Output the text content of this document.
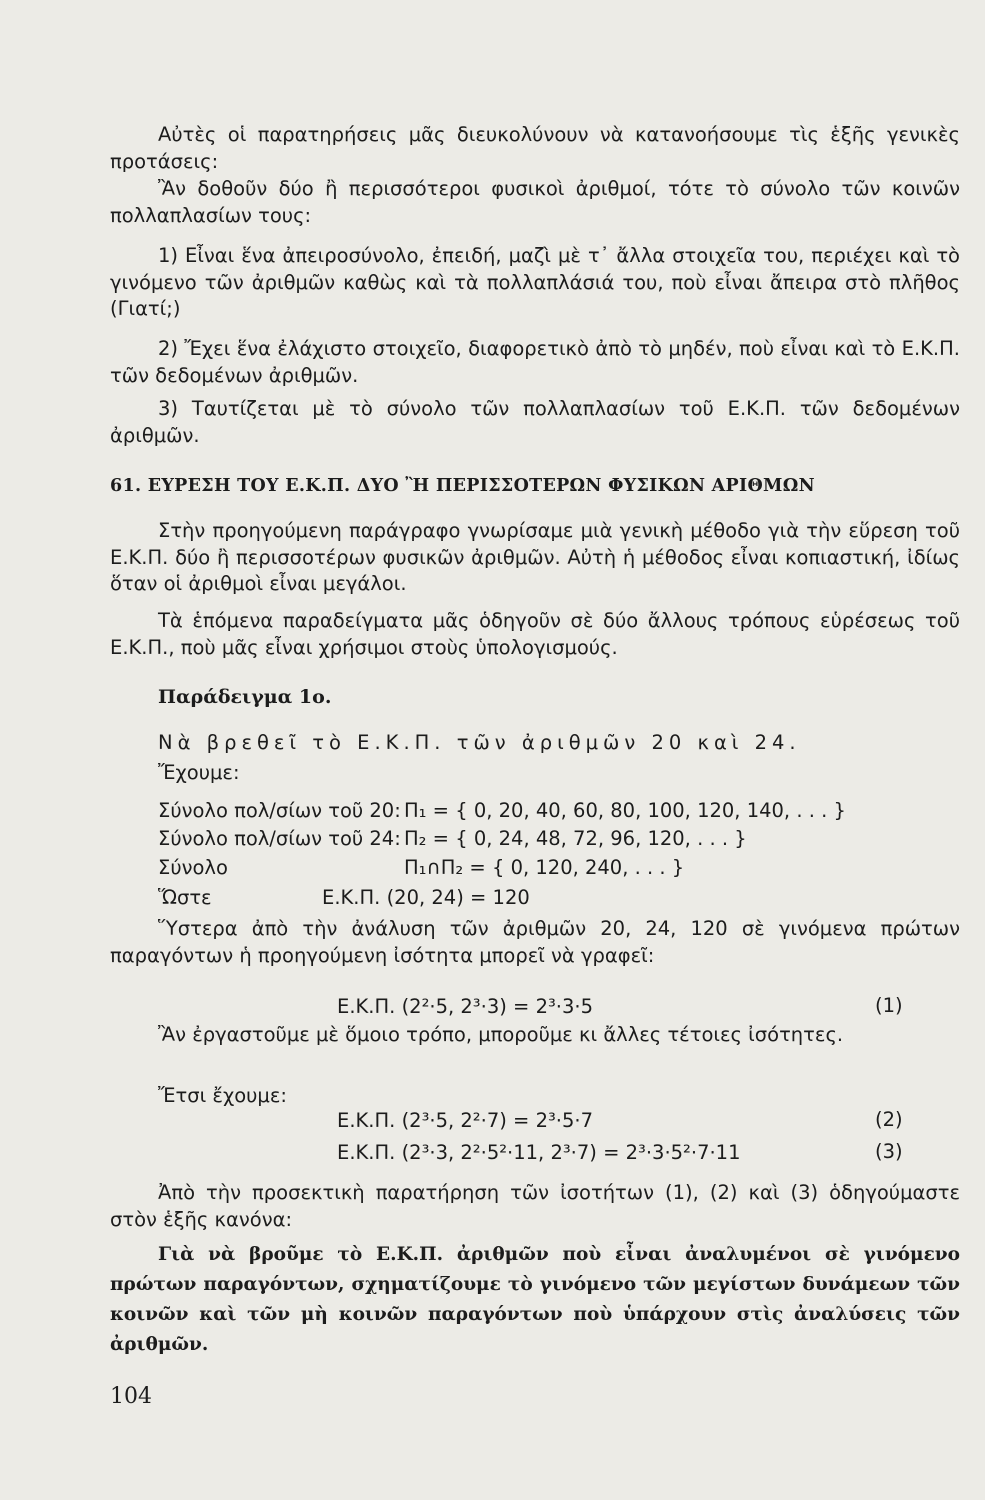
Αὐτὲς οἱ παρατηρήσεις μᾶς διευκολύνουν νὰ κατανοήσουμε τὶς ἑξῆς γενικὲς προτάσεις:

Ἂν δοθοῦν δύο ἢ περισσότεροι φυσικοὶ ἀριθμοί, τότε τὸ σύνολο τῶν κοινῶν πολλαπλασίων τους:

1) Εἶναι ἕνα ἀπειροσύνολο, ἐπειδή, μαζὶ μὲ τ᾽ ἄλλα στοιχεῖα του, περιέχει καὶ τὸ γινόμενο τῶν ἀριθμῶν καθὼς καὶ τὰ πολλαπλάσιά του, ποὺ εἶναι ἄπειρα στὸ πλῆθος (Γιατί;)

2) Ἔχει ἕνα ἐλάχιστο στοιχεῖο, διαφορετικὸ ἀπὸ τὸ μηδέν, ποὺ εἶναι καὶ τὸ Ε.Κ.Π. τῶν δεδομένων ἀριθμῶν.

3) Ταυτίζεται μὲ τὸ σύνολο τῶν πολλαπλασίων τοῦ Ε.Κ.Π. τῶν δεδομένων ἀριθμῶν.

61. ΕΥΡΕΣΗ ΤΟΥ Ε.Κ.Π. ΔΥΟ Ἢ ΠΕΡΙΣΣΟΤΕΡΩΝ ΦΥΣΙΚΩΝ ΑΡΙΘΜΩΝ

Στὴν προηγούμενη παράγραφο γνωρίσαμε μιὰ γενικὴ μέθοδο γιὰ τὴν εὕρεση τοῦ Ε.Κ.Π. δύο ἢ περισσοτέρων φυσικῶν ἀριθμῶν. Αὐτὴ ἡ μέθοδος εἶναι κοπιαστική, ἰδίως ὅταν οἱ ἀριθμοὶ εἶναι μεγάλοι.

Τὰ ἑπόμενα παραδείγματα μᾶς ὁδηγοῦν σὲ δύο ἄλλους τρόπους εὑρέσεως τοῦ Ε.Κ.Π., ποὺ μᾶς εἶναι χρήσιμοι στοὺς ὑπολογισμούς.

Παράδειγμα 1ο.
Νὰ βρεθεῖ τὸ Ε.Κ.Π. τῶν ἀριθμῶν 20 καὶ 24.
Ἔχουμε:
Σύνολο πολ/σίων τοῦ 20: Π₁ = { 0, 20, 40, 60, 80, 100, 120, 140, . . . }
Σύνολο πολ/σίων τοῦ 24: Π₂ = { 0, 24, 48, 72, 96, 120, . . . }
Σύνολο	Π₁∩Π₂ = { 0, 120, 240, . . . }
Ὥστε	Ε.Κ.Π. (20, 24) = 120

Ὕστερα ἀπὸ τὴν ἀνάλυση τῶν ἀριθμῶν 20, 24, 120 σὲ γινόμενα πρώτων παραγόντων ἡ προηγούμενη ἰσότητα μπορεῖ νὰ γραφεῖ:

Ε.Κ.Π. (2²·5, 2³·3) = 2³·3·5	(1)

Ἂν ἐργαστοῦμε μὲ ὅμοιο τρόπο, μποροῦμε κι ἄλλες τέτοιες ἰσότητες.

Ἔτσι ἔχουμε:
Ε.Κ.Π. (2³·5, 2²·7) = 2³·5·7	(2)
Ε.Κ.Π. (2³·3, 2²·5²·11, 2³·7) = 2³·3·5²·7·11	(3)

Ἀπὸ τὴν προσεκτικὴ παρατήρηση τῶν ἰσοτήτων (1), (2) καὶ (3) ὁδηγούμαστε στὸν ἑξῆς κανόνα:

Γιὰ νὰ βροῦμε τὸ Ε.Κ.Π. ἀριθμῶν ποὺ εἶναι ἀναλυμένοι σὲ γινόμενο πρώτων παραγόντων, σχηματίζουμε τὸ γινόμενο τῶν μεγίστων δυνάμεων τῶν κοινῶν καὶ τῶν μὴ κοινῶν παραγόντων ποὺ ὑπάρχουν στὶς ἀναλύσεις τῶν ἀριθμῶν.
104
